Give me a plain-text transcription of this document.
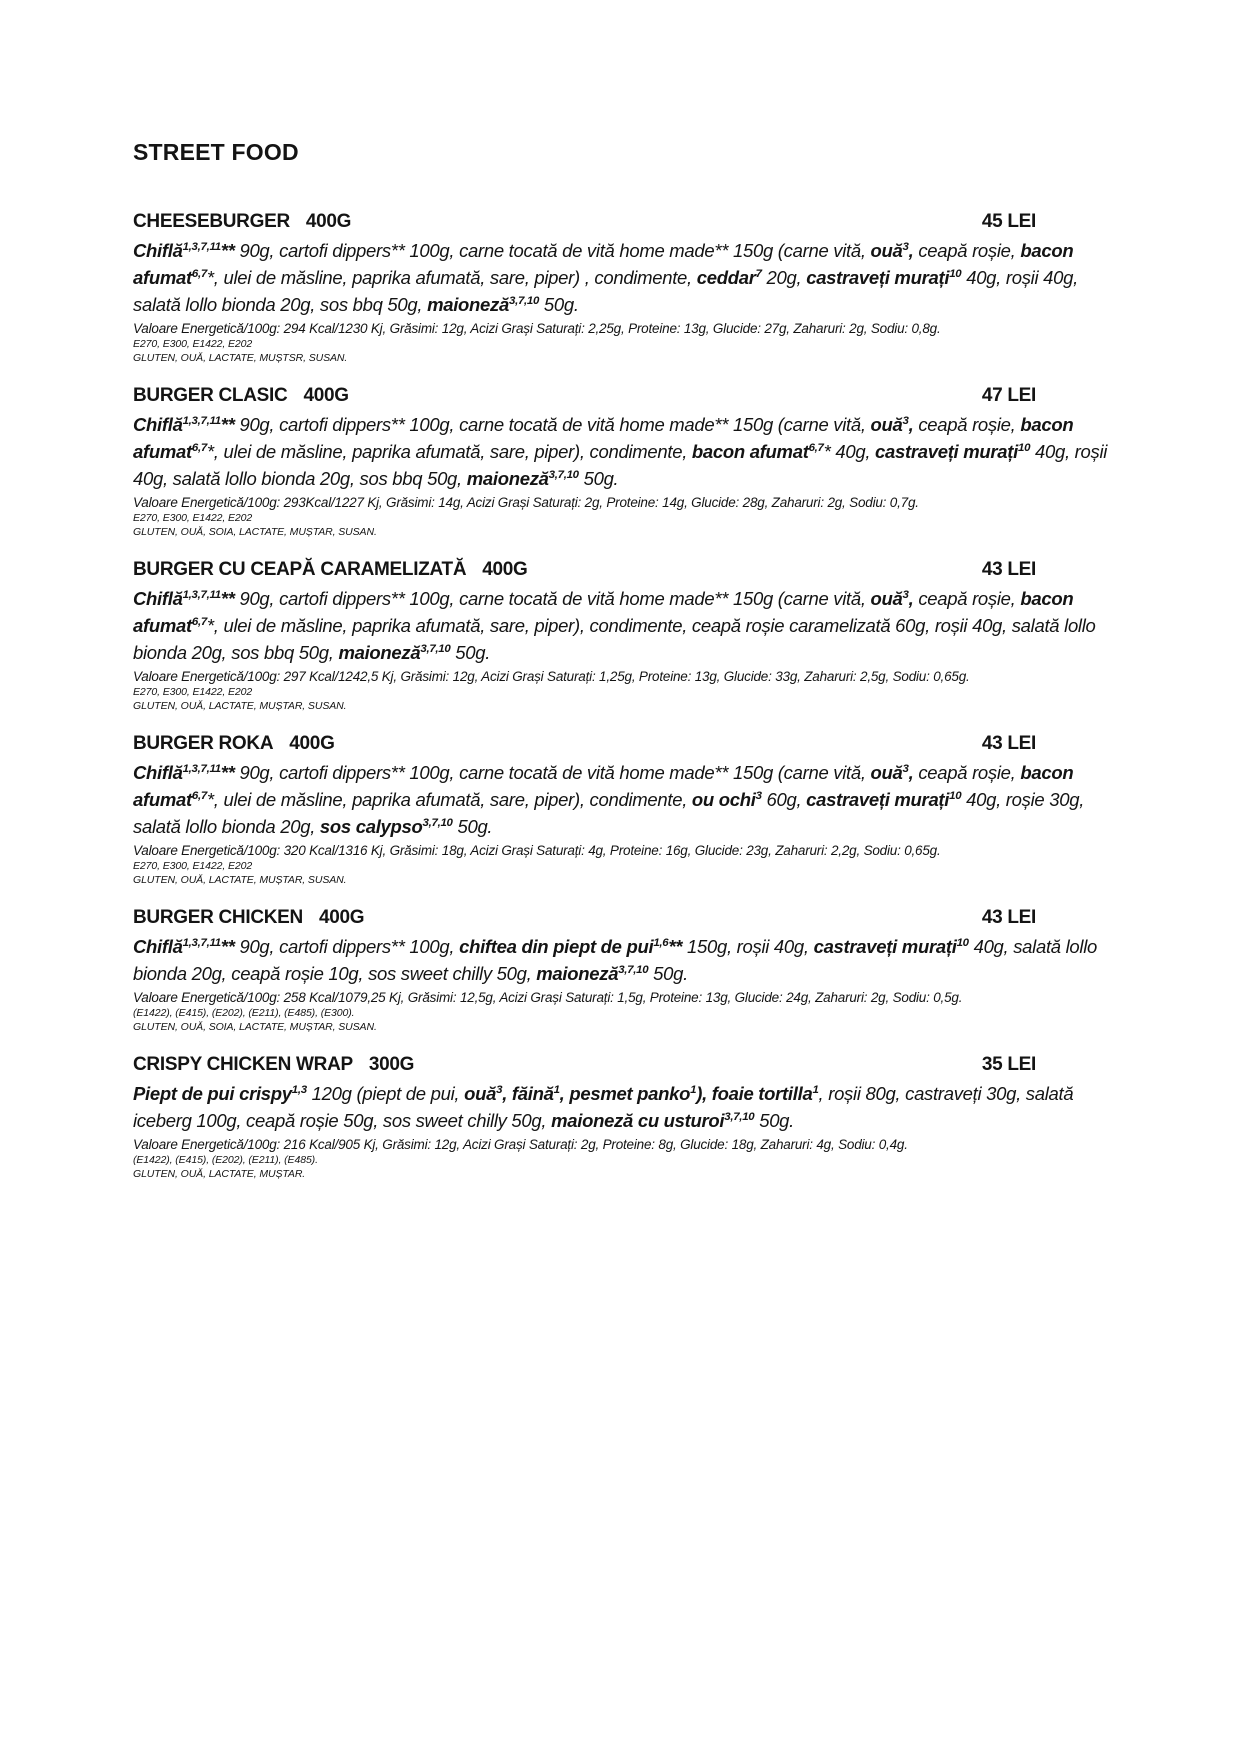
STREET FOOD
CHEESEBURGER 400G	45 LEI

Chiflă$^{1,3,7,11}$** 90g, cartofi dippers** 100g, carne tocată de vită home made** 150g (carne vită, ouă$^3$, ceapă roșie, bacon afumat$^{6,7}$*, ulei de măsline, paprika afumată, sare, piper) , condimente, ceddar$^7$ 20g, castraveți murați$^{10}$ 40g, roșii 40g, salată lollo bionda 20g, sos bbq 50g, maioneză$^{3,7,10}$ 50g.

Valoare Energetică/100g: 294 Kcal/1230 Kj, Grăsimi: 12g, Acizi Grași Saturați: 2,25g, Proteine: 13g, Glucide: 27g, Zaharuri: 2g, Sodiu: 0,8g.

E270, E300, E1422, E202

GLUTEN, OUĂ, LACTATE, MUȘTSR, SUSAN.

BURGER CLASIC 400G	47 LEI

Chiflă$^{1,3,7,11}$** 90g, cartofi dippers** 100g, carne tocată de vită home made** 150g (carne vită, ouă$^3$, ceapă roșie, bacon afumat$^{6,7}$*, ulei de măsline, paprika afumată, sare, piper), condimente, bacon afumat$^{6,7}$* 40g, castraveți murați$^{10}$ 40g, roșii 40g, salată lollo bionda 20g, sos bbq 50g, maioneză$^{3,7,10}$ 50g.

Valoare Energetică/100g: 293Kcal/1227 Kj, Grăsimi: 14g, Acizi Grași Saturați: 2g, Proteine: 14g, Glucide: 28g, Zaharuri: 2g, Sodiu: 0,7g.

E270, E300, E1422, E202

GLUTEN, OUĂ, SOIA, LACTATE, MUȘTAR, SUSAN.

BURGER CU CEAPĂ CARAMELIZATĂ 400G	43 LEI

Chiflă$^{1,3,7,11}$** 90g, cartofi dippers** 100g, carne tocată de vită home made** 150g (carne vită, ouă$^3$, ceapă roșie, bacon afumat$^{6,7}$*, ulei de măsline, paprika afumată, sare, piper), condimente, ceapă roșie caramelizată 60g, roșii 40g, salată lollo bionda 20g, sos bbq 50g, maioneză$^{3,7,10}$ 50g.

Valoare Energetică/100g: 297 Kcal/1242,5 Kj, Grăsimi: 12g, Acizi Grași Saturați: 1,25g, Proteine: 13g, Glucide: 33g, Zaharuri: 2,5g, Sodiu: 0,65g.

E270, E300, E1422, E202

GLUTEN, OUĂ, LACTATE, MUȘTAR, SUSAN.

BURGER ROKA 400G	43 LEI

Chiflă$^{1,3,7,11}$** 90g, cartofi dippers** 100g, carne tocată de vită home made** 150g (carne vită, ouă$^3$, ceapă roșie, bacon afumat$^{6,7}$*, ulei de măsline, paprika afumată, sare, piper), condimente, ou ochi$^3$ 60g, castraveți murați$^{10}$ 40g, roșie 30g, salată lollo bionda 20g, sos calypso$^{3,7,10}$ 50g.

Valoare Energetică/100g: 320 Kcal/1316 Kj, Grăsimi: 18g, Acizi Grași Saturați: 4g, Proteine: 16g, Glucide: 23g, Zaharuri: 2,2g, Sodiu: 0,65g.

E270, E300, E1422, E202

GLUTEN, OUĂ, LACTATE, MUȘTAR, SUSAN.

BURGER CHICKEN 400G	43 LEI

Chiflă$^{1,3,7,11}$** 90g, cartofi dippers** 100g, chiftea din piept de pui$^{1,6}$** 150g, roșii 40g, castraveți murați$^{10}$ 40g, salată lollo bionda 20g, ceapă roșie 10g, sos sweet chilly 50g, maioneză$^{3,7,10}$ 50g.

Valoare Energetică/100g: 258 Kcal/1079,25 Kj, Grăsimi: 12,5g, Acizi Grași Saturați: 1,5g, Proteine: 13g, Glucide: 24g, Zaharuri: 2g, Sodiu: 0,5g.

(E1422), (E415), (E202), (E211), (E485), (E300).

GLUTEN, OUĂ, SOIA, LACTATE, MUȘTAR, SUSAN.

CRISPY CHICKEN WRAP 300G	35 LEI

Piept de pui crispy$^{1,3}$ 120g (piept de pui, ouă$^3$, făină$^1$, pesmet panko$^1$), foaie tortilla$^1$, roșii 80g, castraveți 30g, salată iceberg 100g, ceapă roșie 50g, sos sweet chilly 50g, maioneză cu usturoi$^{3,7,10}$ 50g.

Valoare Energetică/100g: 216 Kcal/905 Kj, Grăsimi: 12g, Acizi Grași Saturați: 2g, Proteine: 8g, Glucide: 18g, Zaharuri: 4g, Sodiu: 0,4g.

(E1422), (E415), (E202), (E211), (E485).

GLUTEN, OUĂ, LACTATE, MUȘTAR.
